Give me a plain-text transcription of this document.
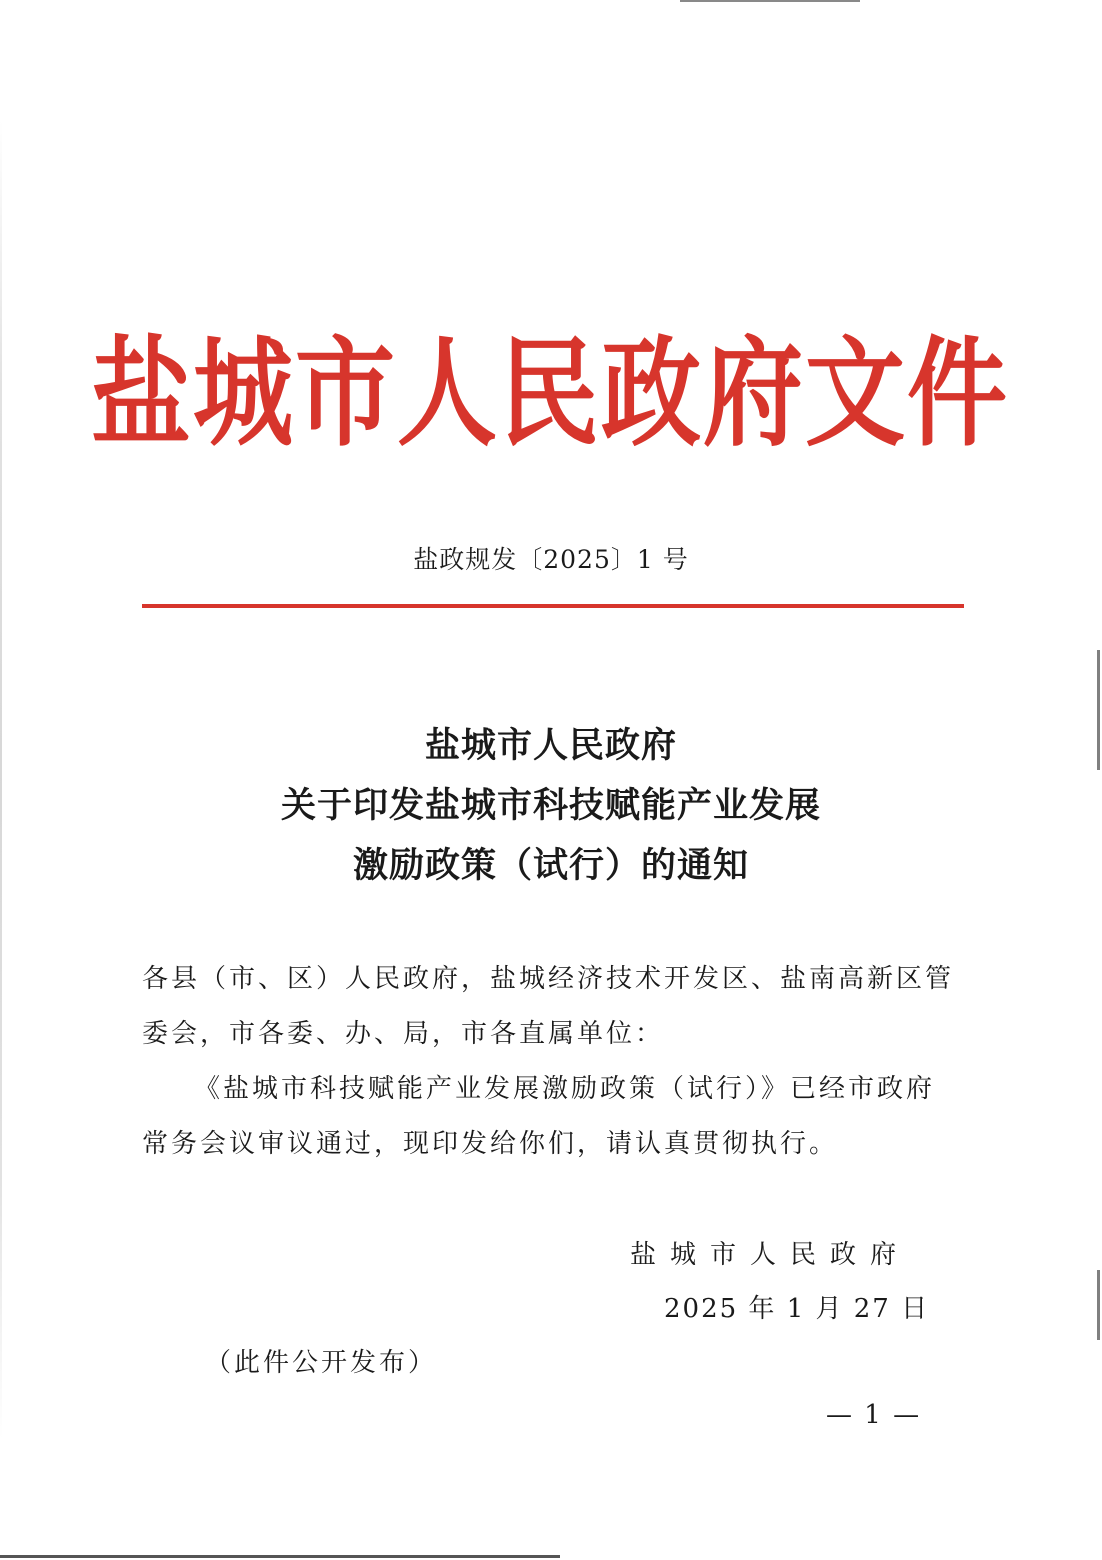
盐城市人民政府文件
盐政规发〔2025〕1 号
盐城市人民政府
关于印发盐城市科技赋能产业发展
激励政策（试行）的通知

各县（市、区）人民政府，盐城经济技术开发区、盐南高新区管委会，市各委、办、局，市各直属单位：

《盐城市科技赋能产业发展激励政策（试行）》已经市政府常务会议审议通过，现印发给你们，请认真贯彻执行。

盐城市人民政府
2025 年 1 月 27 日
（此件公开发布）
— 1 —
